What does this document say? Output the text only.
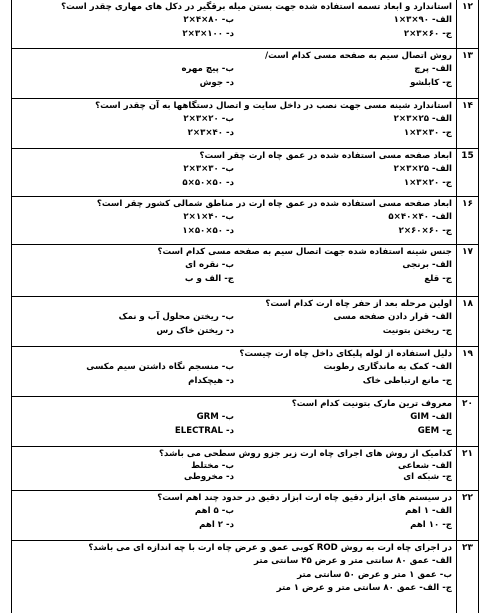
استاندارد و ابعاد تسمه استفاده شده جهت بستن میله برقگیر در دکل های مهاری چقدر است؟
الف- ۹۰×۳×۱
ب- ۸۰×۴×۲
ج- ۶۰×۳×۲
د- ۱۰۰×۳×۲
۱۲
روش اتصال سیم به صفحه مسی کدام است/
الف- پرچ
ب- پیچ مهره
ج- کابلشو
د- جوش
۱۳
استاندارد شینه مسی جهت نصب در داخل سایت و اتصال دستگاهها به آن چقدر است؟
الف- ۲۵×۳×۲
ب- ۲۰×۳×۲
ج- ۳۰×۳×۱
د- ۴۰×۳×۲
۱۴
ابعاد صفحه مسی استفاده شده در عمق چاه ارت چقر است؟
الف- ۲۵×۳×۲
ب- ۳۰×۳×۲
ج- ۲۰×۳×۱
د- ۵۰×۵۰×۵
15
ابعاد صفحه مسی استفاده شده در عمق چاه ارت در مناطق شمالی کشور چقر است؟
الف- ۴۰×۴۰×۵
ب- ۴۰×۱×۲
ج- ۶۰×۶۰×۲
د- ۵۰×۵۰×۱
۱۶
جنس شینه استفاده شده جهت اتصال سیم به صفحه مسی کدام است؟
الف- برنجی
ب- نقره ای
ج- قلع
ج- الف و ب
۱۷
اولین مرحله بعد از حفر چاه ارت کدام است؟
الف- قرار دادن صفحه مسی
ب- ریختن محلول آب و نمک
ج- ریختن بتونیت
د- ریختن خاک رس
۱۸
دلیل استفاده از لوله پلیکای داخل چاه ارت چیست؟
الف- کمک به ماندگاری رطوبت
ب- منسجم نگاه داشتن سیم مکسی
ج- مانع ارتباطی خاک
د- هیچکدام
۱۹
معروف ترین مارک بتونیت کدام است؟
الف- GIM
ب- GRM
ج- GEM
د- ELECTRAL
۲۰
کدامیک از روش های اجرای چاه ارت زیر جزو روش سطحی می باشد؟
الف- شعاعی
ب- مختلط
ج- شبکه ای
د- مخروطی
۲۱
در سیستم های ابزار دقیق چاه ارت ابزار دقیق در حدود چند اهم است؟
الف- ۱ اهم
ب- ۵ اهم
ج- ۱۰ اهم
د- ۲ اهم
۲۲
در اجرای چاه ارت به روش ROD کوبی عمق و عرض چاه ارت با چه اندازه ای می باشد؟
الف- عمق ۸۰ سانتی متر و عرض ۴۵ سانتی متر
ب- عمق ۱ متر و عرض ۵۰ سانتی متر
ج- الف- عمق ۸۰ سانتی متر و عرض ۱ متر
۲۳
